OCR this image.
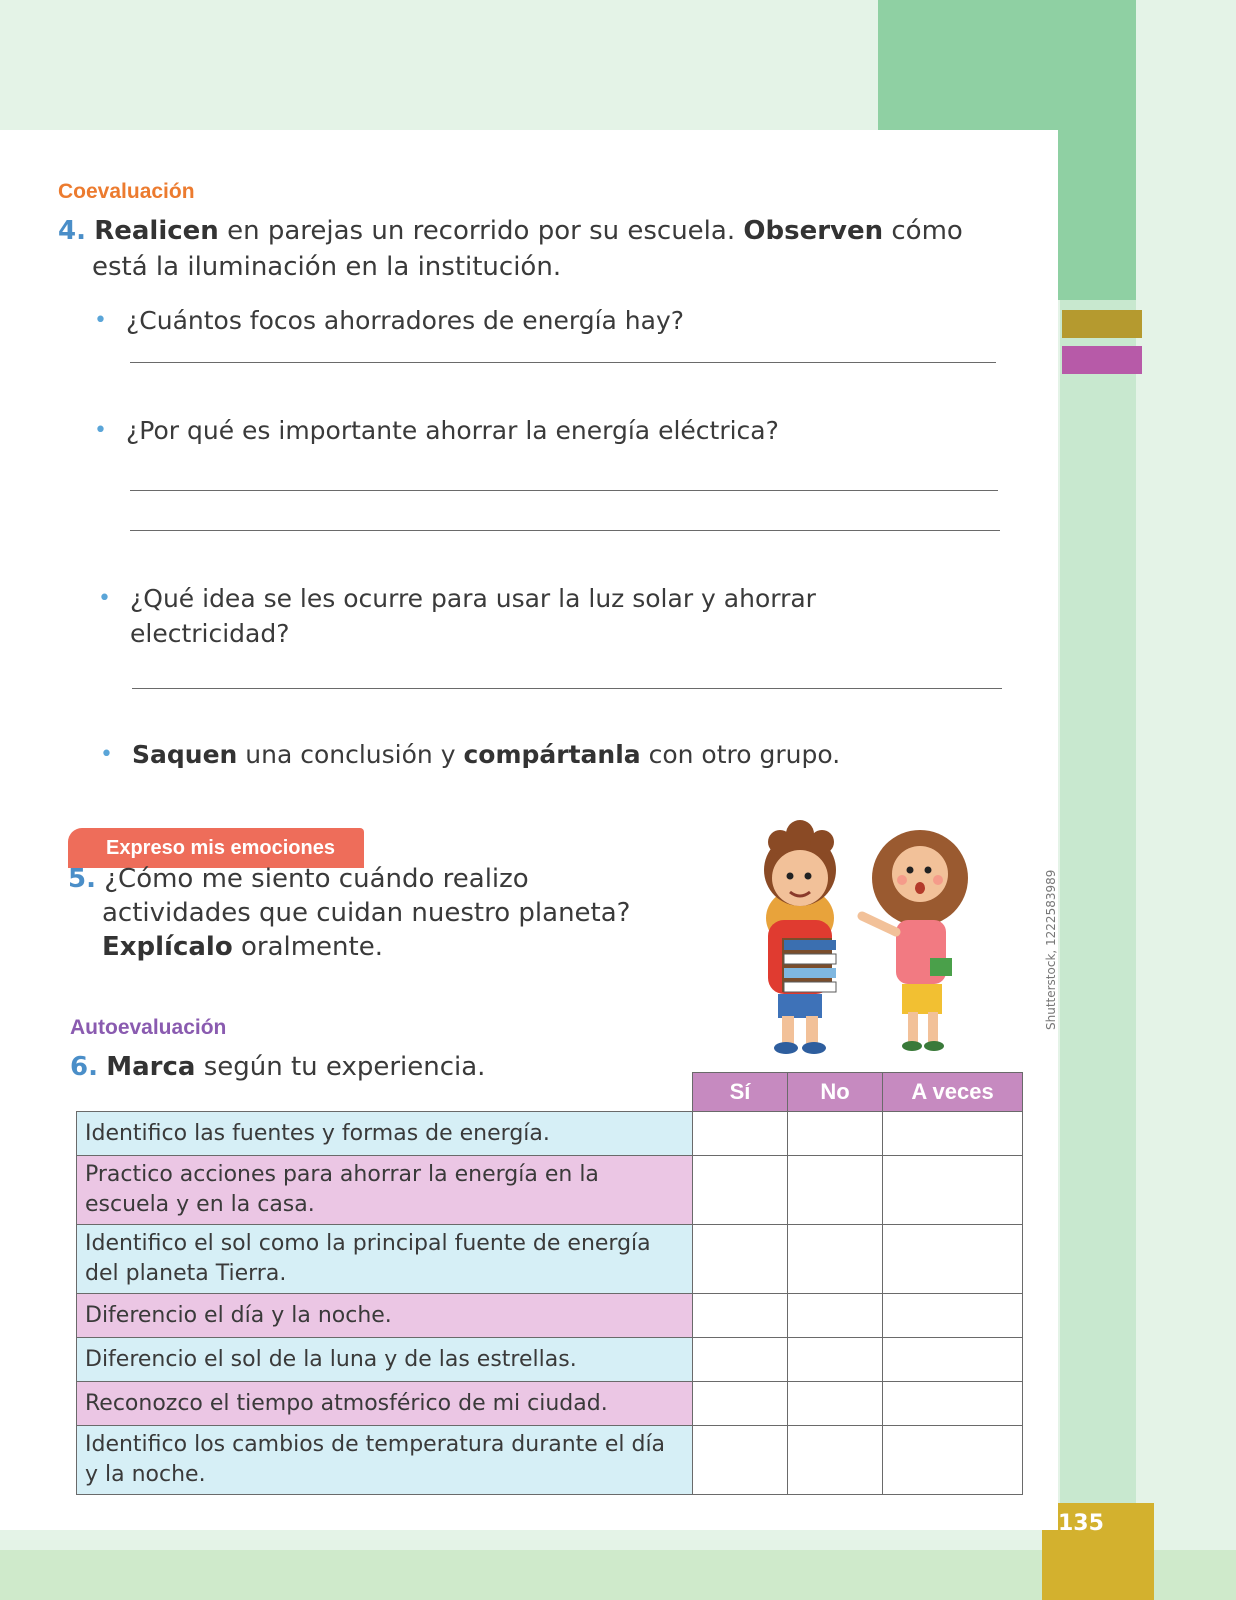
135
Shutterstock, 1222583989
Coevaluación
4. Realicen en parejas un recorrido por su escuela. Observen cómo
está la iluminación en la institución.
• ¿Cuántos focos ahorradores de energía hay?
• ¿Por qué es importante ahorrar la energía eléctrica?
• ¿Qué idea se les ocurre para usar la luz solar y ahorrar
electricidad?
• Saquen una conclusión y compártanla con otro grupo.
Expreso mis emociones
5. ¿Cómo me siento cuándo realizo
actividades que cuidan nuestro planeta?
Explícalo oralmente.
Autoevaluación
6. Marca según tu experiencia.
	Sí	No	A veces
Identifico las fuentes y formas de energía.			
Practico acciones para ahorrar la energía en la escuela y en la casa.			
Identifico el sol como la principal fuente de energía del planeta Tierra.			
Diferencio el día y la noche.			
Diferencio el sol de la luna y de las estrellas.			
Reconozco el tiempo atmosférico de mi ciudad.			
Identifico los cambios de temperatura durante el día y la noche.			
